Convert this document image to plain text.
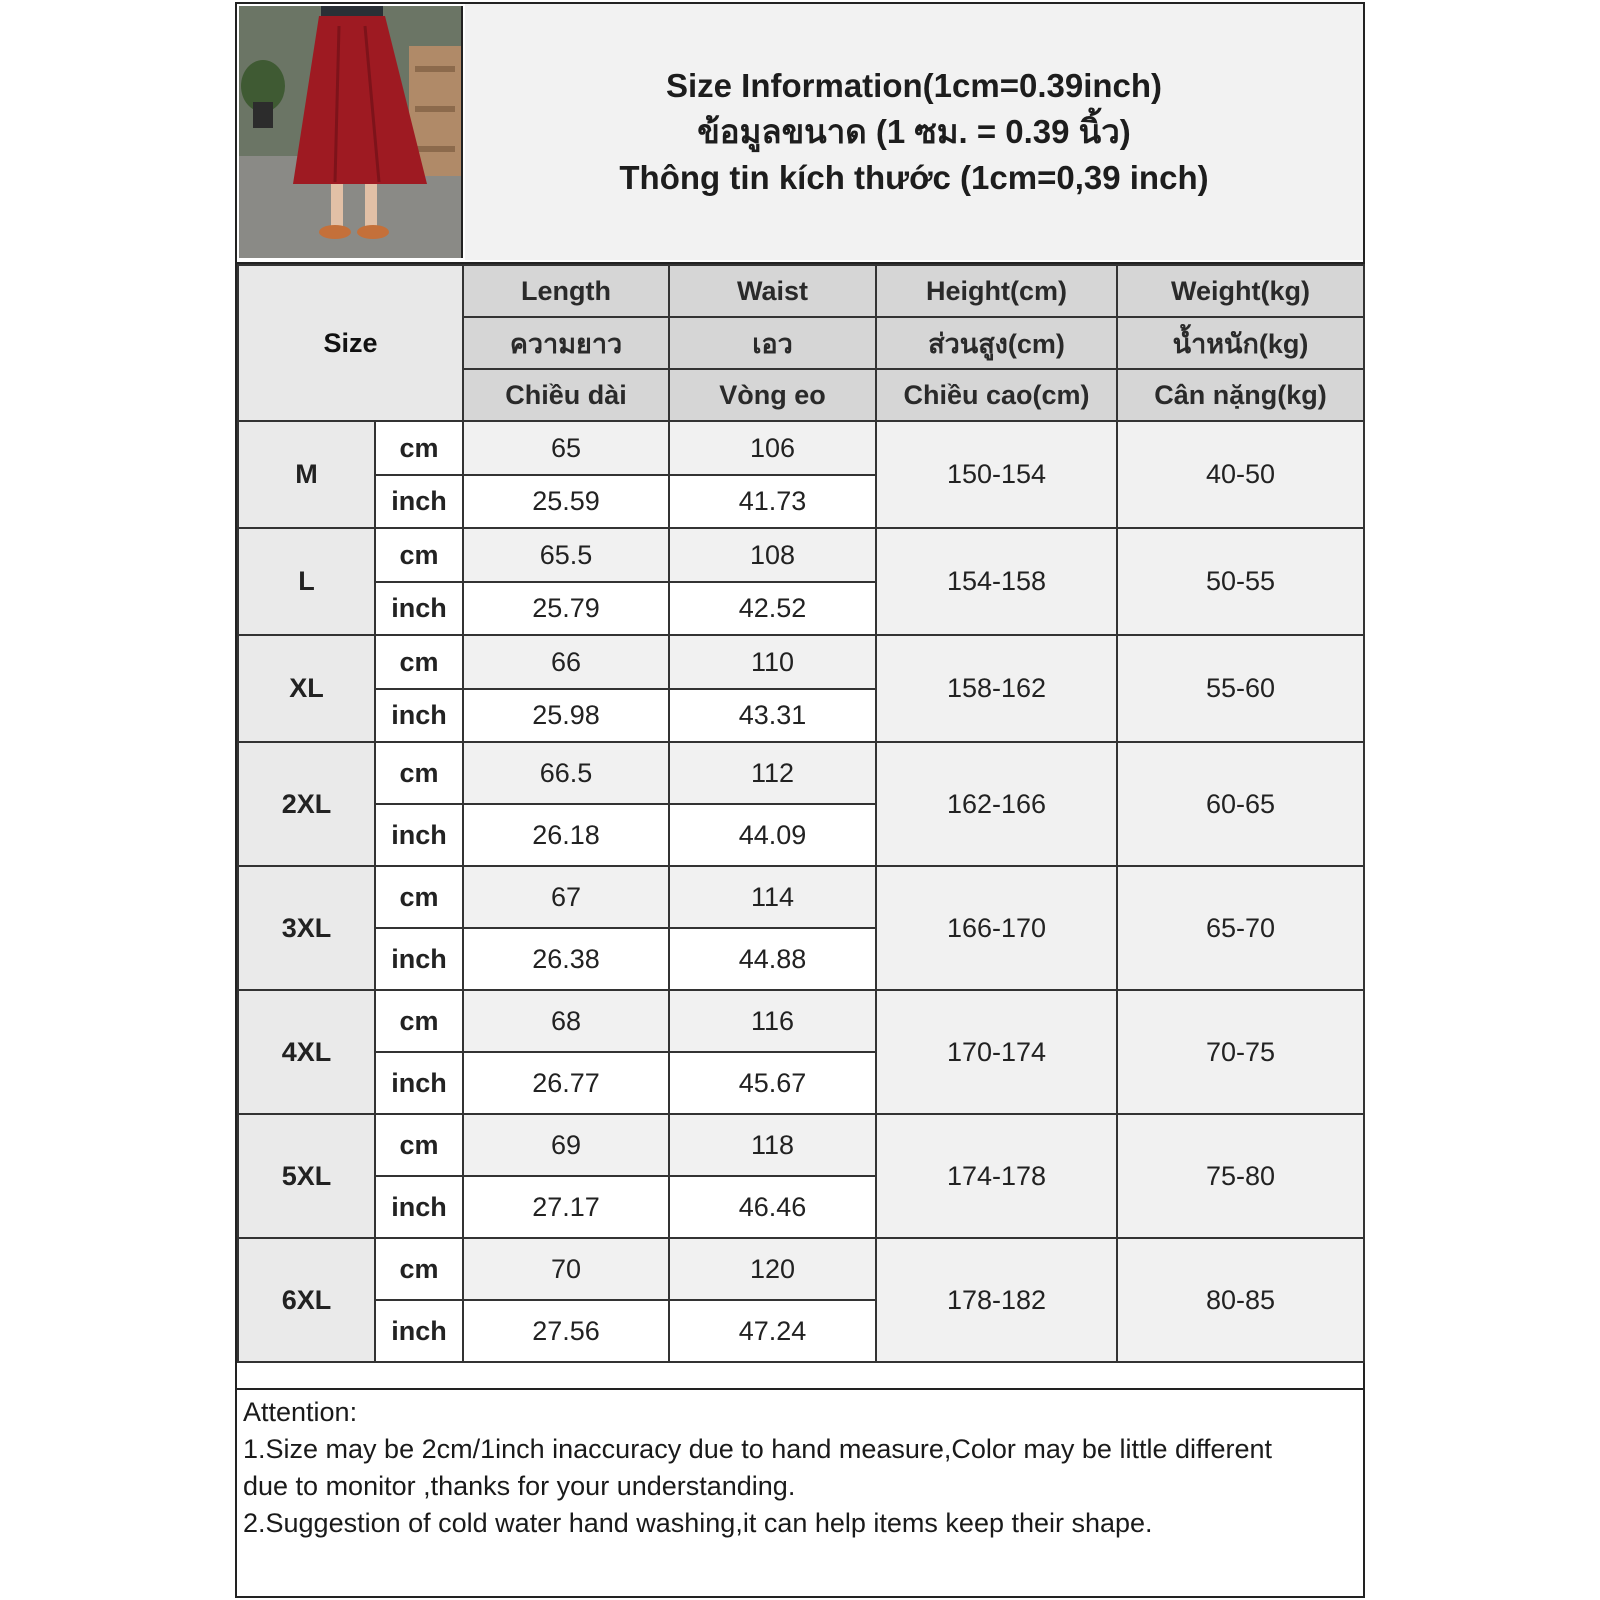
Size Information(1cm=0.39inch)
ข้อมูลขนาด (1 ซม. = 0.39 นิ้ว)
Thông tin kích thước (1cm=0,39 inch)
Size		Length	Waist	Height(cm)	Weight(kg)
		ความยาว	เอว	ส่วนสูง(cm)	น้ำหนัก(kg)
		Chiều dài	Vòng eo	Chiều cao(cm)	Cân nặng(kg)
M	cm	65	106	150-154	40-50
	inch	25.59	41.73		
L	cm	65.5	108	154-158	50-55
	inch	25.79	42.52		
XL	cm	66	110	158-162	55-60
	inch	25.98	43.31		
2XL	cm	66.5	112	162-166	60-65
	inch	26.18	44.09		
3XL	cm	67	114	166-170	65-70
	inch	26.38	44.88		
4XL	cm	68	116	170-174	70-75
	inch	26.77	45.67		
5XL	cm	69	118	174-178	75-80
	inch	27.17	46.46		
6XL	cm	70	120	178-182	80-85
	inch	27.56	47.24		
Attention:
1.Size may be 2cm/1inch inaccuracy due to hand measure,Color may be little different
due to monitor ,thanks for your understanding.
2.Suggestion of cold water hand washing,it can help items keep their shape.
